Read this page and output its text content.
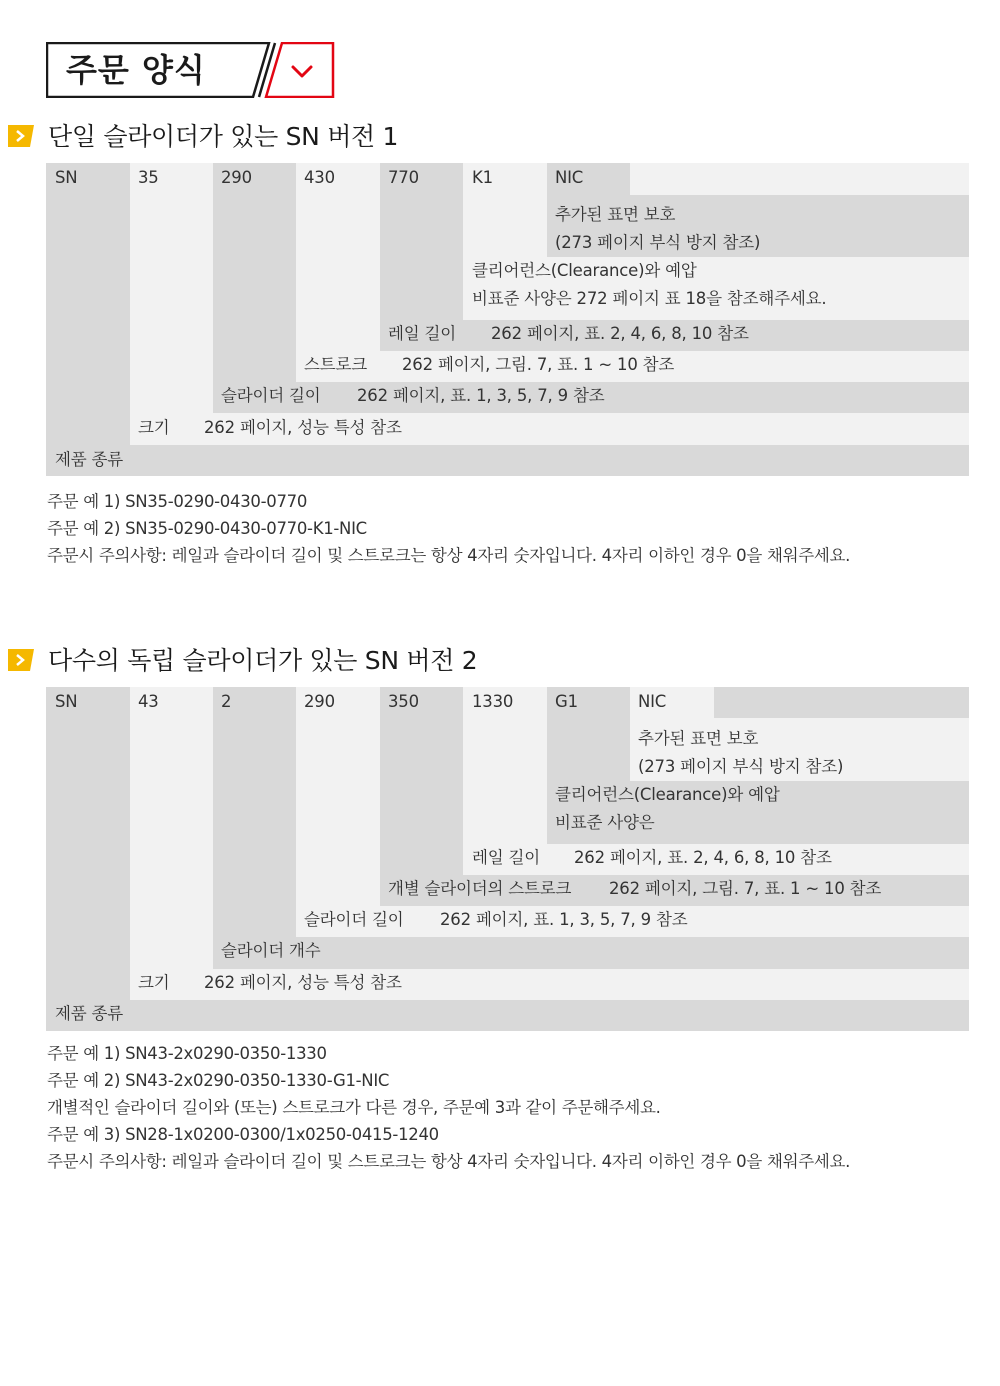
주문 양식
단일 슬라이더가 있는 SN 버전 1
SN	35	290	430	770	K1	NIC
추가된 표면 보호
(273 페이지 부식 방지 참조)
클리어런스(Clearance)와 예압
비표준 사양은 272 페이지 표 18을 참조해주세요.
레일 길이 262 페이지, 표. 2, 4, 6, 8, 10 참조
스트로크 262 페이지, 그림. 7, 표. 1 ~ 10 참조
슬라이더 길이 262 페이지, 표. 1, 3, 5, 7, 9 참조
크기 262 페이지, 성능 특성 참조
제품 종류
주문 예 1) SN35-0290-0430-0770
주문 예 2) SN35-0290-0430-0770-K1-NIC
주문시 주의사항: 레일과 슬라이더 길이 및 스트로크는 항상 4자리 숫자입니다. 4자리 이하인 경우 0을 채워주세요.
다수의 독립 슬라이더가 있는 SN 버전 2
SN	43	2	290	350	1330	G1	NIC
추가된 표면 보호
(273 페이지 부식 방지 참조)
클리어런스(Clearance)와 예압
비표준 사양은
레일 길이 262 페이지, 표. 2, 4, 6, 8, 10 참조
개별 슬라이더의 스트로크 262 페이지, 그림. 7, 표. 1 ~ 10 참조
슬라이더 길이 262 페이지, 표. 1, 3, 5, 7, 9 참조
슬라이더 개수
크기 262 페이지, 성능 특성 참조
제품 종류
주문 예 1) SN43-2x0290-0350-1330
주문 예 2) SN43-2x0290-0350-1330-G1-NIC
개별적인 슬라이더 길이와 (또는) 스트로크가 다른 경우, 주문예 3과 같이 주문해주세요.
주문 예 3) SN28-1x0200-0300/1x0250-0415-1240
주문시 주의사항: 레일과 슬라이더 길이 및 스트로크는 항상 4자리 숫자입니다. 4자리 이하인 경우 0을 채워주세요.
